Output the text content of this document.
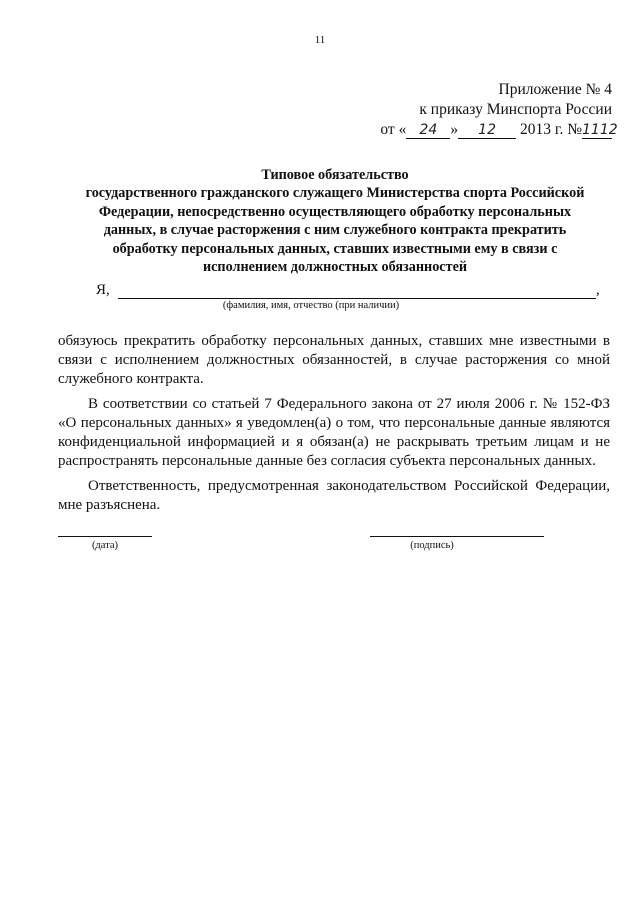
11
Приложение № 4
к приказу Минспорта России
от « 24 » 12 2013 г. №1112
Типовое обязательство
государственного гражданского служащего Министерства спорта Российской
Федерации, непосредственно осуществляющего обработку персональных
данных, в случае расторжения с ним служебного контракта прекратить
обработку персональных данных, ставших известными ему в связи с
исполнением должностных обязанностей
Я,	,
(фамилия, имя, отчество (при наличии)

обязуюсь прекратить обработку персональных данных, ставших мне известными в связи с исполнением должностных обязанностей, в случае расторжения со мной служебного контракта.

В соответствии со статьей 7 Федерального закона от 27 июля 2006 г. № 152-ФЗ «О персональных данных» я уведомлен(а) о том, что персональные данные являются конфиденциальной информацией и я обязан(а) не раскрывать третьим лицам и не распространять персональные данные без согласия субъекта персональных данных.

Ответственность, предусмотренная законодательством Российской Федерации, мне разъяснена.

(дата)	(подпись)
